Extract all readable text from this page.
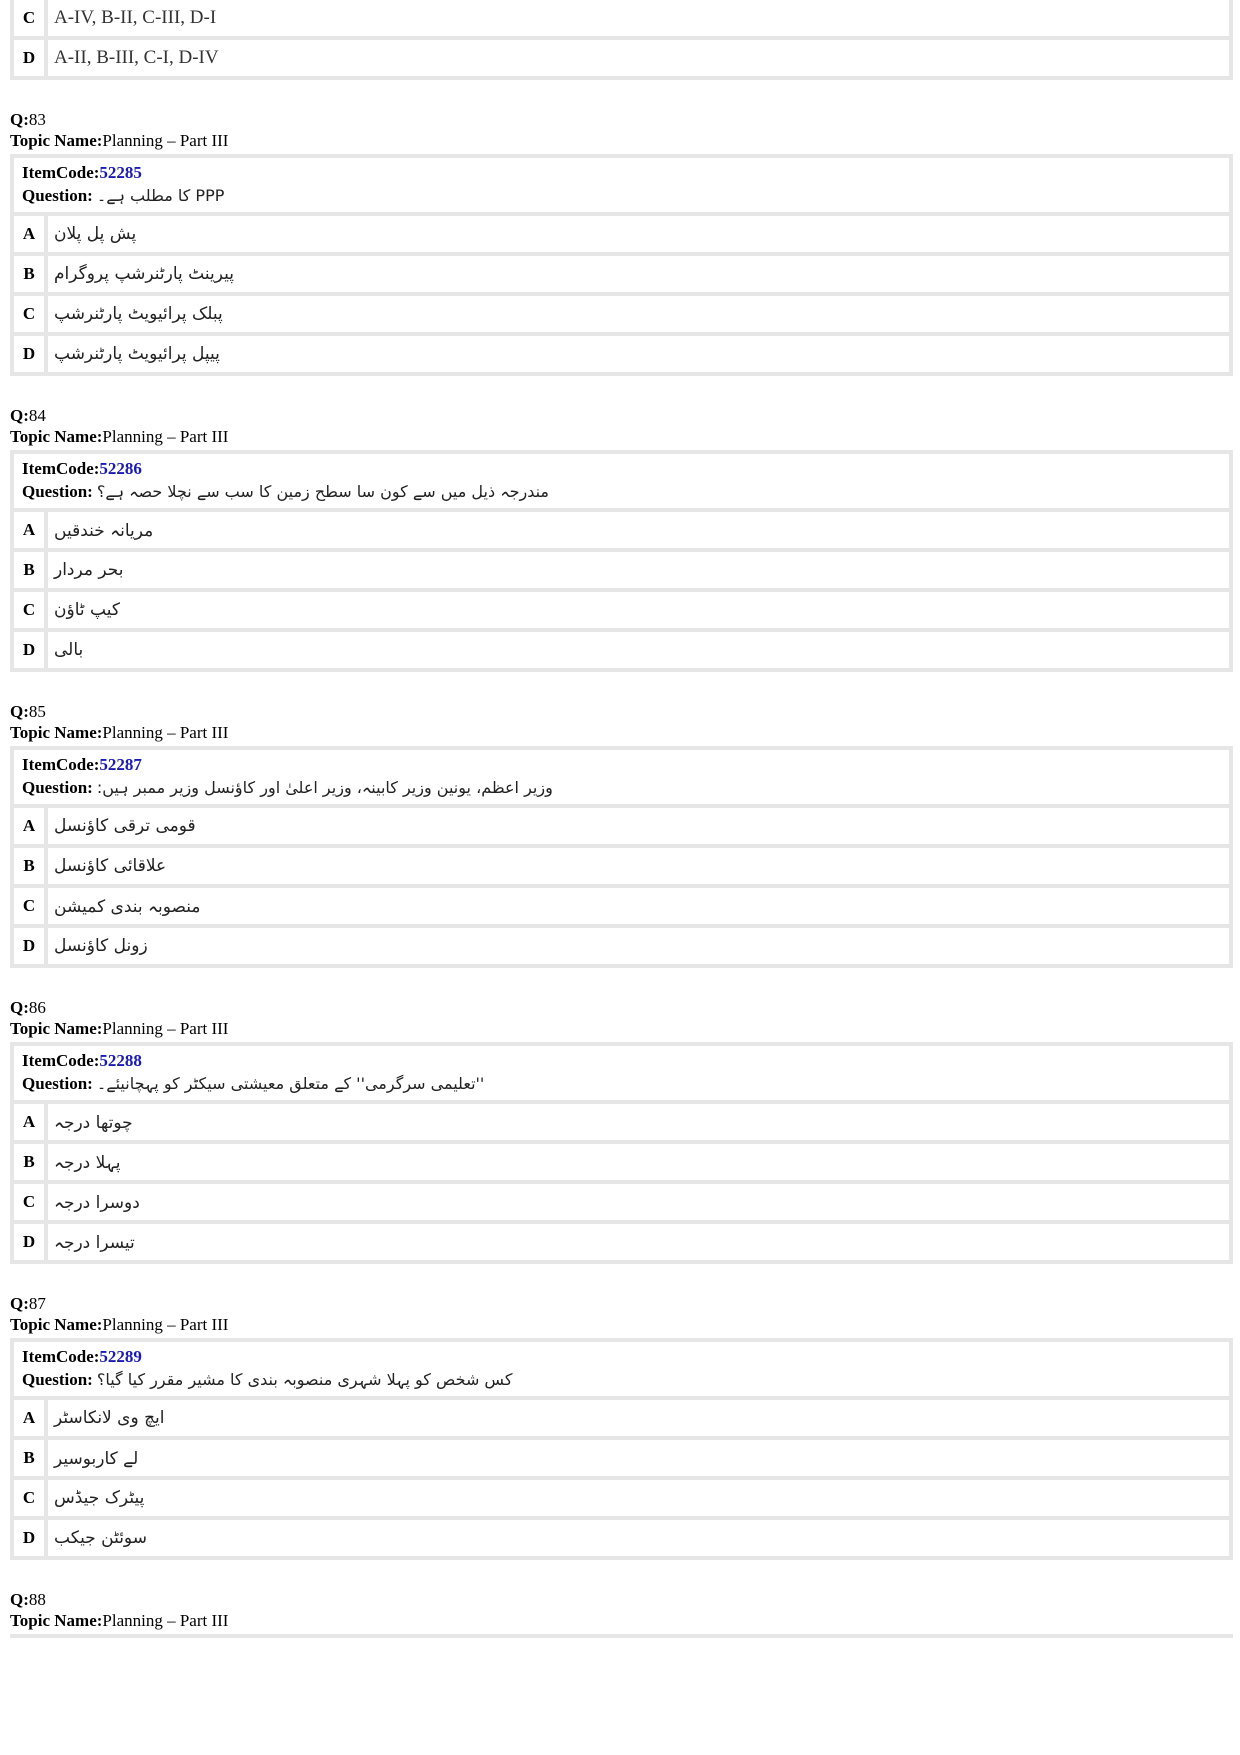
C A-IV, B-II, C-III, D-I
D A-II, B-III, C-I, D-IV
Q:83
Topic Name:Planning – Part III
ItemCode:52285
Question: PPP کا مطلب ہے۔
A	پش پل پلان
B	پیرینٹ پارٹنرشپ پروگرام
C	پبلک پرائیویٹ پارٹنرشپ
D	پیپل پرائیویٹ پارٹنرشپ
Q:84
Topic Name:Planning – Part III
ItemCode:52286
Question: مندرجہ ذیل میں سے کون سا سطح زمین کا سب سے نچلا حصہ ہے؟
A	مریانہ خندقیں
B	بحر مردار
C	کیپ ٹاؤن
D	بالی
Q:85
Topic Name:Planning – Part III
ItemCode:52287
Question: وزیر اعظم، یونین وزیر کابینہ، وزیر اعلیٰ اور کاؤنسل وزیر ممبر ہیں:
A	قومی ترقی کاؤنسل
B	علاقائی کاؤنسل
C	منصوبہ بندی کمیشن
D	زونل کاؤنسل
Q:86
Topic Name:Planning – Part III
ItemCode:52288
Question: ''تعلیمی سرگرمی'' کے متعلق معیشتی سیکٹر کو پہچانیئے۔
A	چوتھا درجہ
B	پہلا درجہ
C	دوسرا درجہ
D	تیسرا درجہ
Q:87
Topic Name:Planning – Part III
ItemCode:52289
Question: کس شخص کو پہلا شہری منصوبہ بندی کا مشیر مقرر کیا گیا؟
A	ایچ وی لانکاسٹر
B	لے کاربوسیر
C	پیٹرک جیڈس
D	سوئٹن جیکب
Q:88
Topic Name:Planning – Part III
